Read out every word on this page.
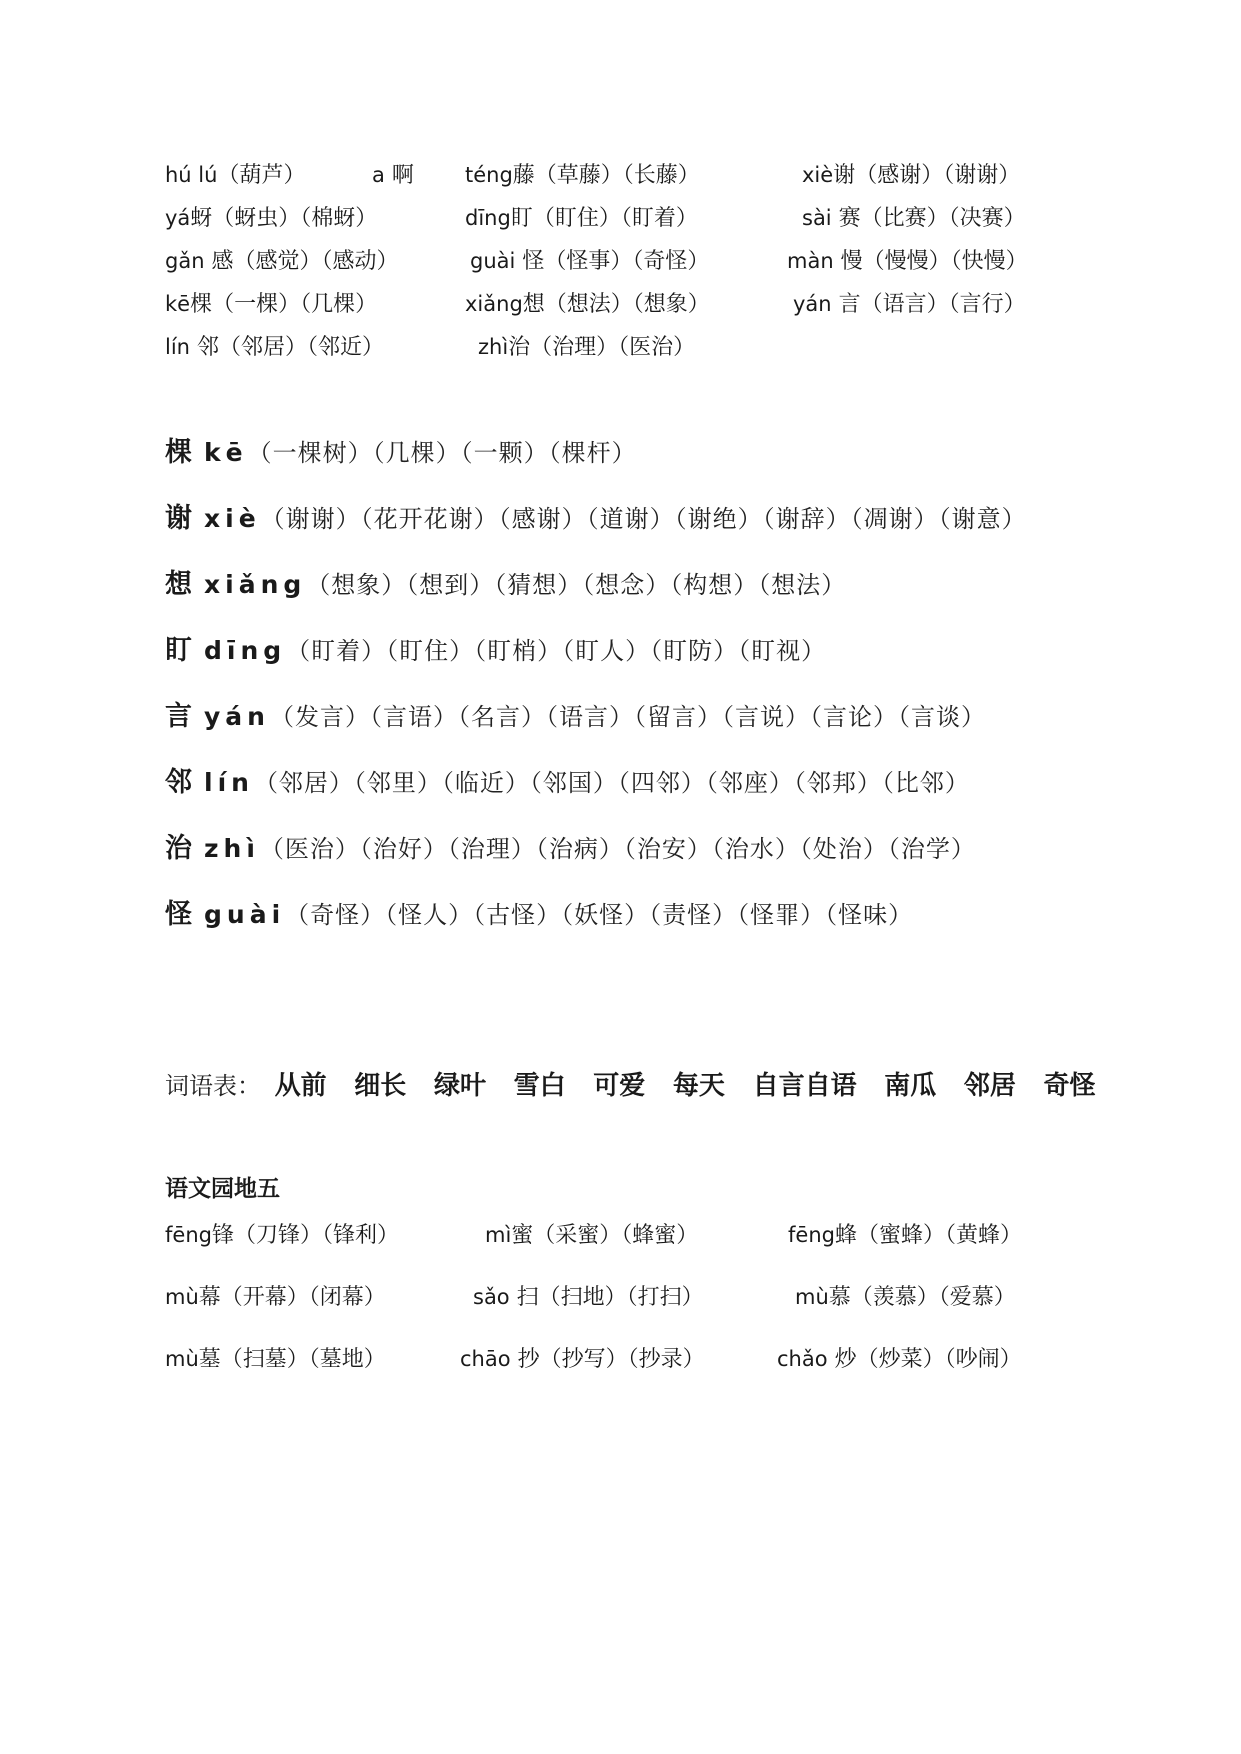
hú lú（葫芦）	a 啊 téng藤（草藤）（长藤）	xiè谢（感谢）（谢谢）
yá蚜（蚜虫）（棉蚜）	dīng盯（盯住）（盯着）	sài 赛（比赛）（决赛）
gǎn 感（感觉）（感动）	guài 怪（怪事）（奇怪）	màn 慢（慢慢）（快慢）
kē棵（一棵）（几棵）	xiǎng想（想法）（想象）	yán 言（语言）（言行）
lín 邻（邻居）（邻近）	zhì治（治理）（医治）
棵 kē（一棵树）（几棵）（一颗）（棵杆）
谢 xiè（谢谢）（花开花谢）（感谢）（道谢）（谢绝）（谢辞）（凋谢）（谢意）
想 xiǎng（想象）（想到）（猜想）（想念）（构想）（想法）
盯 dīng（盯着）（盯住）（盯梢）（盯人）（盯防）（盯视）
言 yán（发言）（言语）（名言）（语言）（留言）（言说）（言论）（言谈）
邻 lín（邻居）（邻里）（临近）（邻国）（四邻）（邻座）（邻邦）（比邻）
治 zhì（医治）（治好）（治理）（治病）（治安）（治水）（处治）（治学）
怪 guài（奇怪）（怪人）（古怪）（妖怪）（责怪）（怪罪）（怪味）
词语表： 从前 细长 绿叶 雪白 可爱 每天 自言自语 南瓜 邻居 奇怪
语文园地五
fēng锋（刀锋）（锋利）	mì蜜（采蜜）（蜂蜜）	fēng蜂（蜜蜂）（黄蜂）
mù幕（开幕）（闭幕）	sǎo 扫（扫地）（打扫）	mù慕（羡慕）（爱慕）
mù墓（扫墓）（墓地）	chāo 抄（抄写）（抄录）	chǎo 炒（炒菜）（吵闹）
